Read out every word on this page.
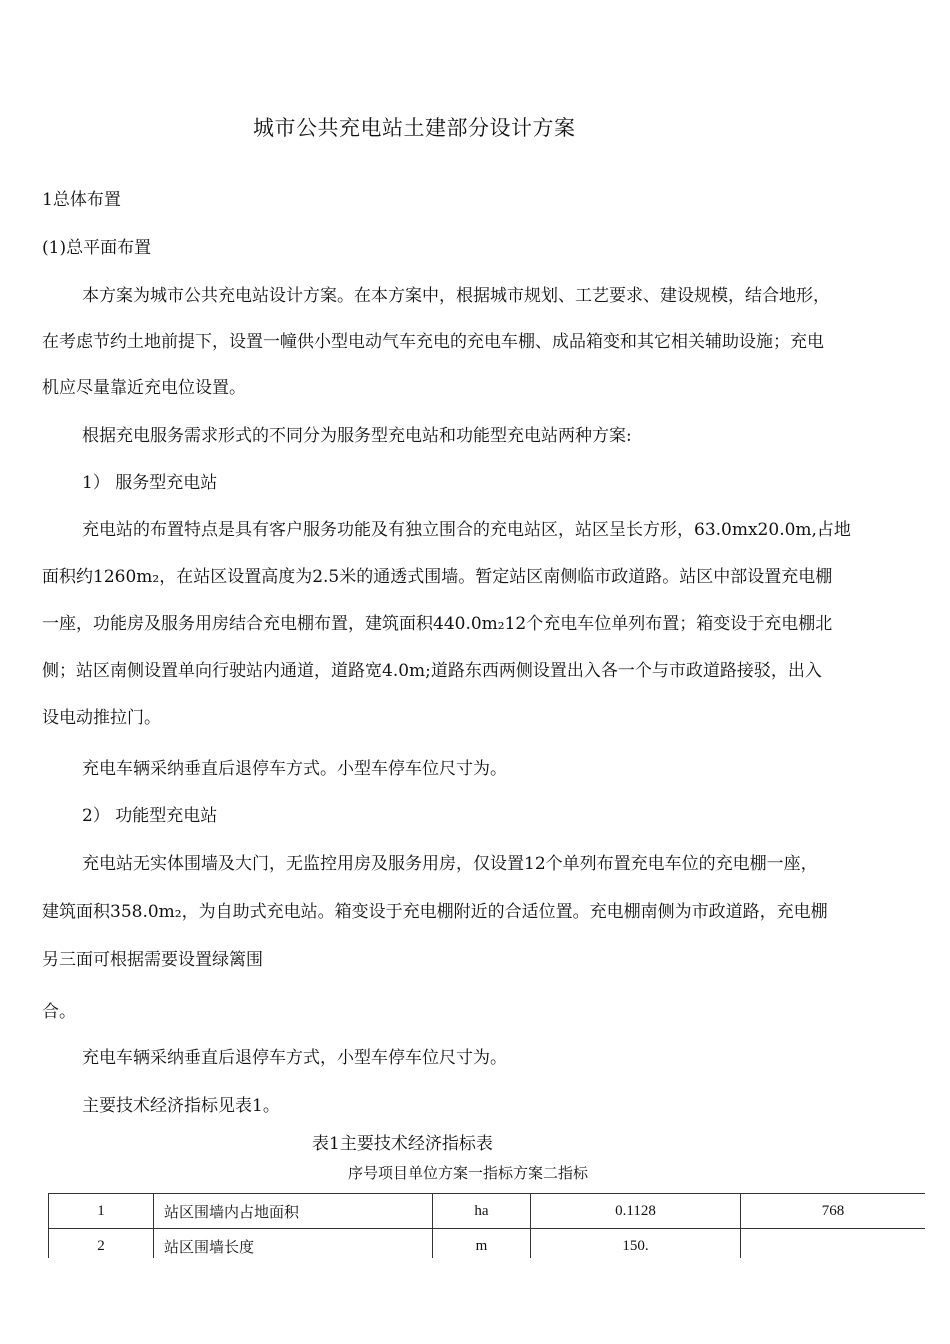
城市公共充电站土建部分设计方案
1总体布置
(1)总平面布置
本方案为城市公共充电站设计方案。在本方案中，根据城市规划、工艺要求、建设规模，结合地形，
在考虑节约土地前提下，设置一幢供小型电动气车充电的充电车棚、成品箱变和其它相关辅助设施；充电
机应尽量靠近充电位设置。
根据充电服务需求形式的不同分为服务型充电站和功能型充电站两种方案:
1） 服务型充电站
充电站的布置特点是具有客户服务功能及有独立围合的充电站区，站区呈长方形，63.0mx20.0m,占地
面积约1260m₂，在站区设置高度为2.5米的通透式围墙。暂定站区南侧临市政道路。站区中部设置充电棚
一座，功能房及服务用房结合充电棚布置，建筑面积440.0m₂12个充电车位单列布置；箱变设于充电棚北
侧；站区南侧设置单向行驶站内通道，道路宽4.0m;道路东西两侧设置出入各一个与市政道路接驳，出入
设电动推拉门。
充电车辆采纳垂直后退停车方式。小型车停车位尺寸为。
2） 功能型充电站
充电站无实体围墙及大门，无监控用房及服务用房，仅设置12个单列布置充电车位的充电棚一座，
建筑面积358.0m₂，为自助式充电站。箱变设于充电棚附近的合适位置。充电棚南侧为市政道路，充电棚
另三面可根据需要设置绿篱围
合。
充电车辆采纳垂直后退停车方式，小型车停车位尺寸为。
主要技术经济指标见表1。
表1主要技术经济指标表
序号项目单位方案一指标方案二指标
1	站区围墙内占地面积	ha	0.1128	768
2	站区围墙长度	m	150.	
